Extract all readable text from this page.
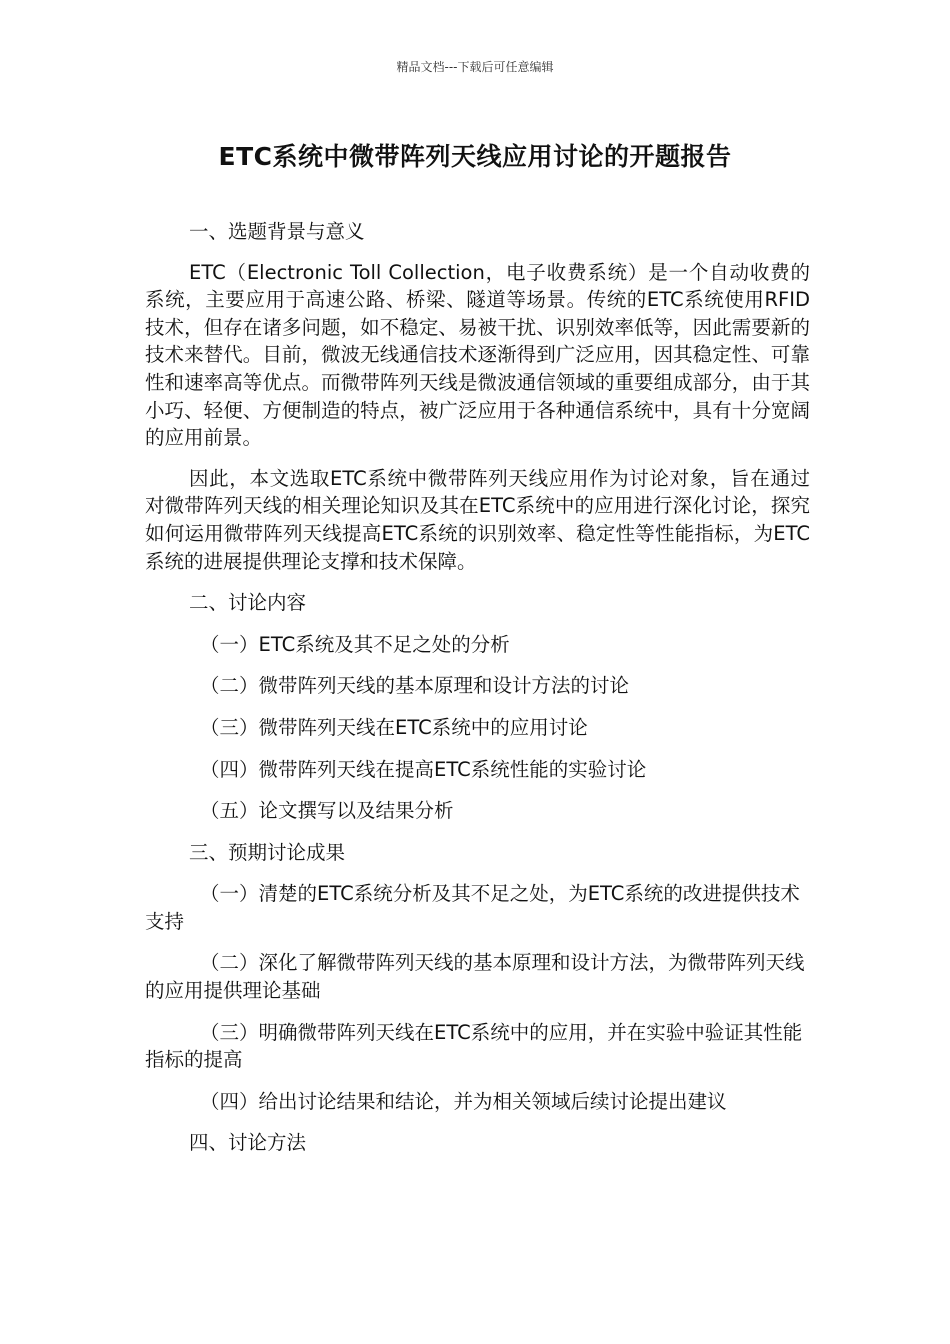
精品文档---下载后可任意编辑
ETC系统中微带阵列天线应用讨论的开题报告

一、选题背景与意义

ETC（Electronic Toll Collection，电子收费系统）是一个自动收费的系统，主要应用于高速公路、桥梁、隧道等场景。传统的ETC系统使用RFID技术，但存在诸多问题，如不稳定、易被干扰、识别效率低等，因此需要新的技术来替代。目前，微波无线通信技术逐渐得到广泛应用，因其稳定性、可靠性和速率高等优点。而微带阵列天线是微波通信领域的重要组成部分，由于其小巧、轻便、方便制造的特点，被广泛应用于各种通信系统中，具有十分宽阔的应用前景。

因此，本文选取ETC系统中微带阵列天线应用作为讨论对象，旨在通过对微带阵列天线的相关理论知识及其在ETC系统中的应用进行深化讨论，探究如何运用微带阵列天线提高ETC系统的识别效率、稳定性等性能指标，为ETC系统的进展提供理论支撑和技术保障。

二、讨论内容

（一）ETC系统及其不足之处的分析

（二）微带阵列天线的基本原理和设计方法的讨论

（三）微带阵列天线在ETC系统中的应用讨论

（四）微带阵列天线在提高ETC系统性能的实验讨论

（五）论文撰写以及结果分析

三、预期讨论成果

（一）清楚的ETC系统分析及其不足之处，为ETC系统的改进提供技术支持

（二）深化了解微带阵列天线的基本原理和设计方法，为微带阵列天线的应用提供理论基础

（三）明确微带阵列天线在ETC系统中的应用，并在实验中验证其性能指标的提高

（四）给出讨论结果和结论，并为相关领域后续讨论提出建议

四、讨论方法
